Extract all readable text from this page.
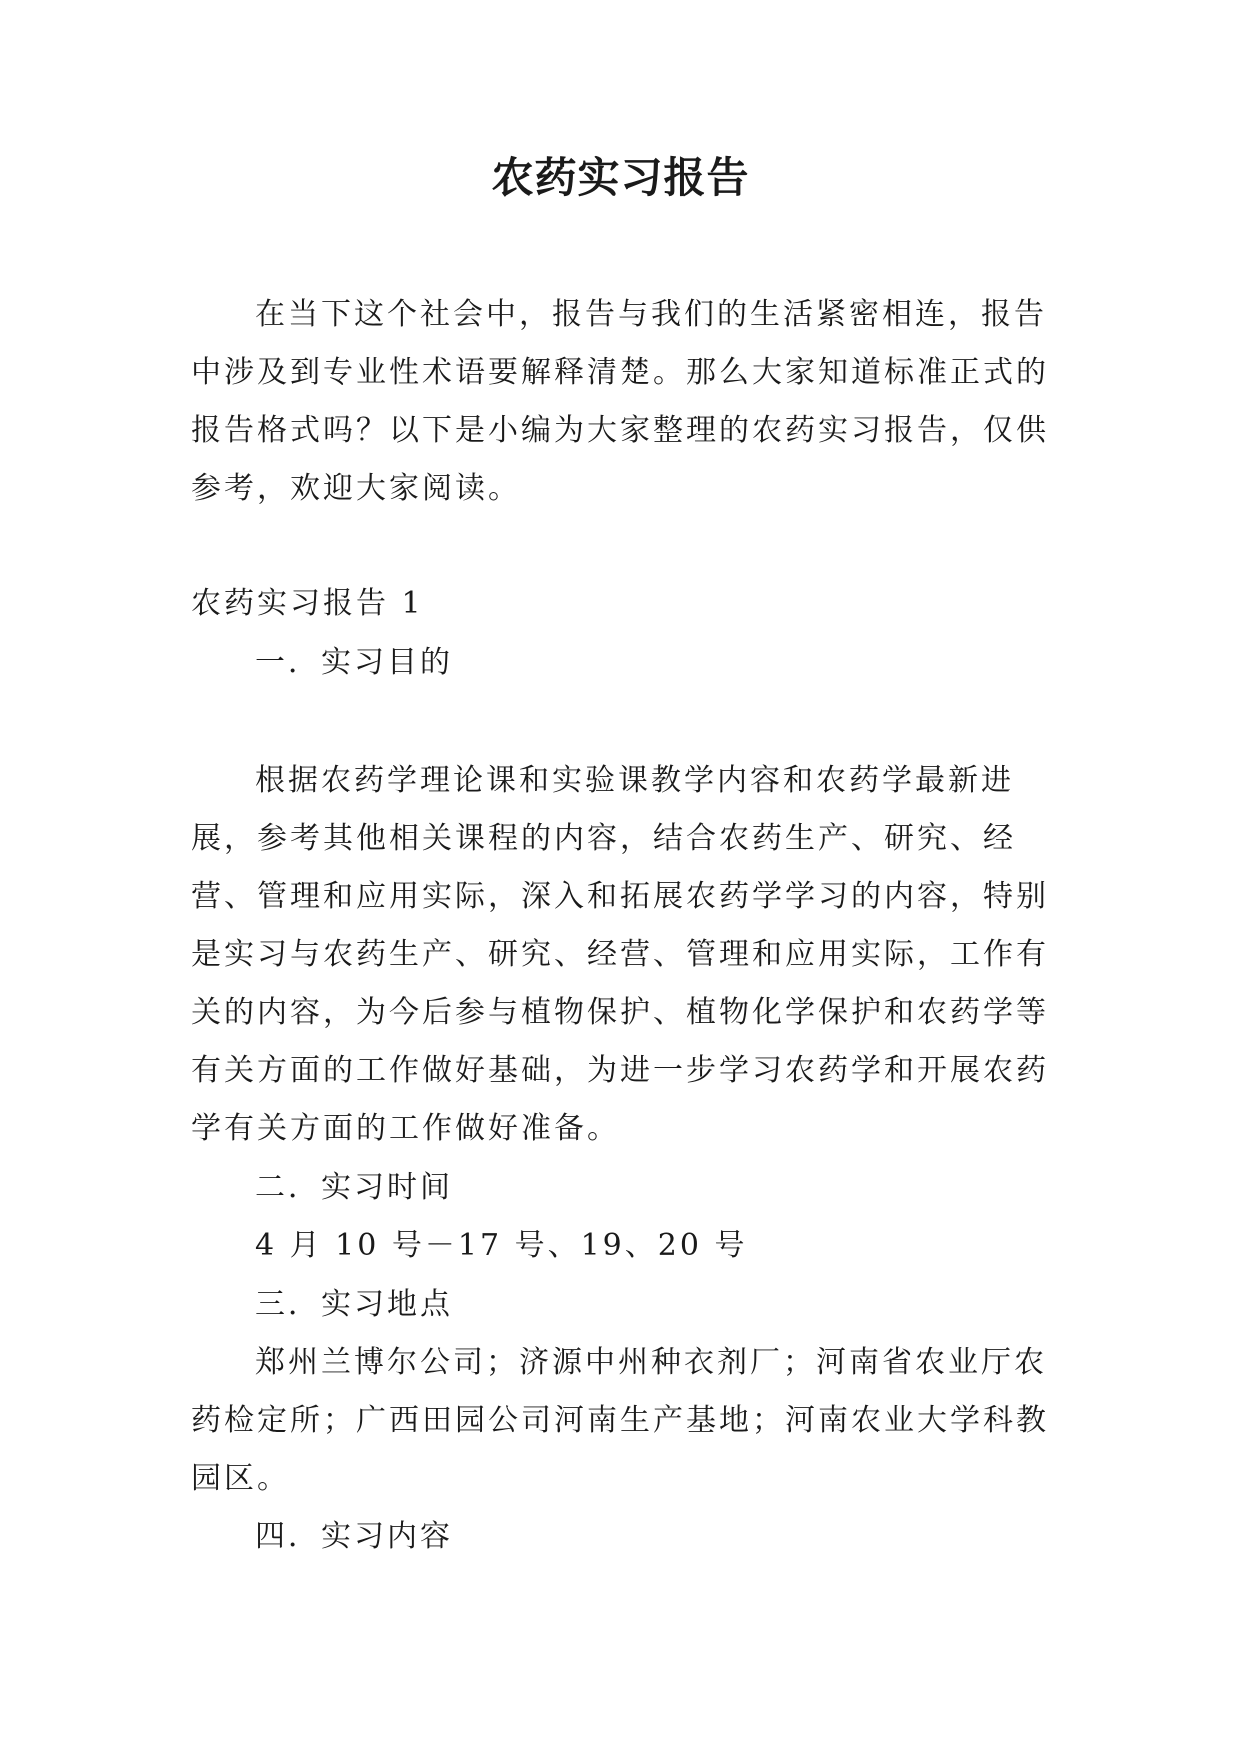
农药实习报告
在当下这个社会中，报告与我们的生活紧密相连，报告中涉及到专业性术语要解释清楚。那么大家知道标准正式的报告格式吗？以下是小编为大家整理的农药实习报告，仅供参考，欢迎大家阅读。
农药实习报告 1
一．实习目的
根据农药学理论课和实验课教学内容和农药学最新进展，参考其他相关课程的内容，结合农药生产、研究、经营、管理和应用实际，深入和拓展农药学学习的内容，特别是实习与农药生产、研究、经营、管理和应用实际，工作有关的内容，为今后参与植物保护、植物化学保护和农药学等有关方面的工作做好基础，为进一步学习农药学和开展农药学有关方面的工作做好准备。
二．实习时间
4 月 10 号－17 号、19、20 号
三．实习地点
郑州兰博尔公司；济源中州种衣剂厂；河南省农业厅农药检定所；广西田园公司河南生产基地；河南农业大学科教园区。
四．实习内容
